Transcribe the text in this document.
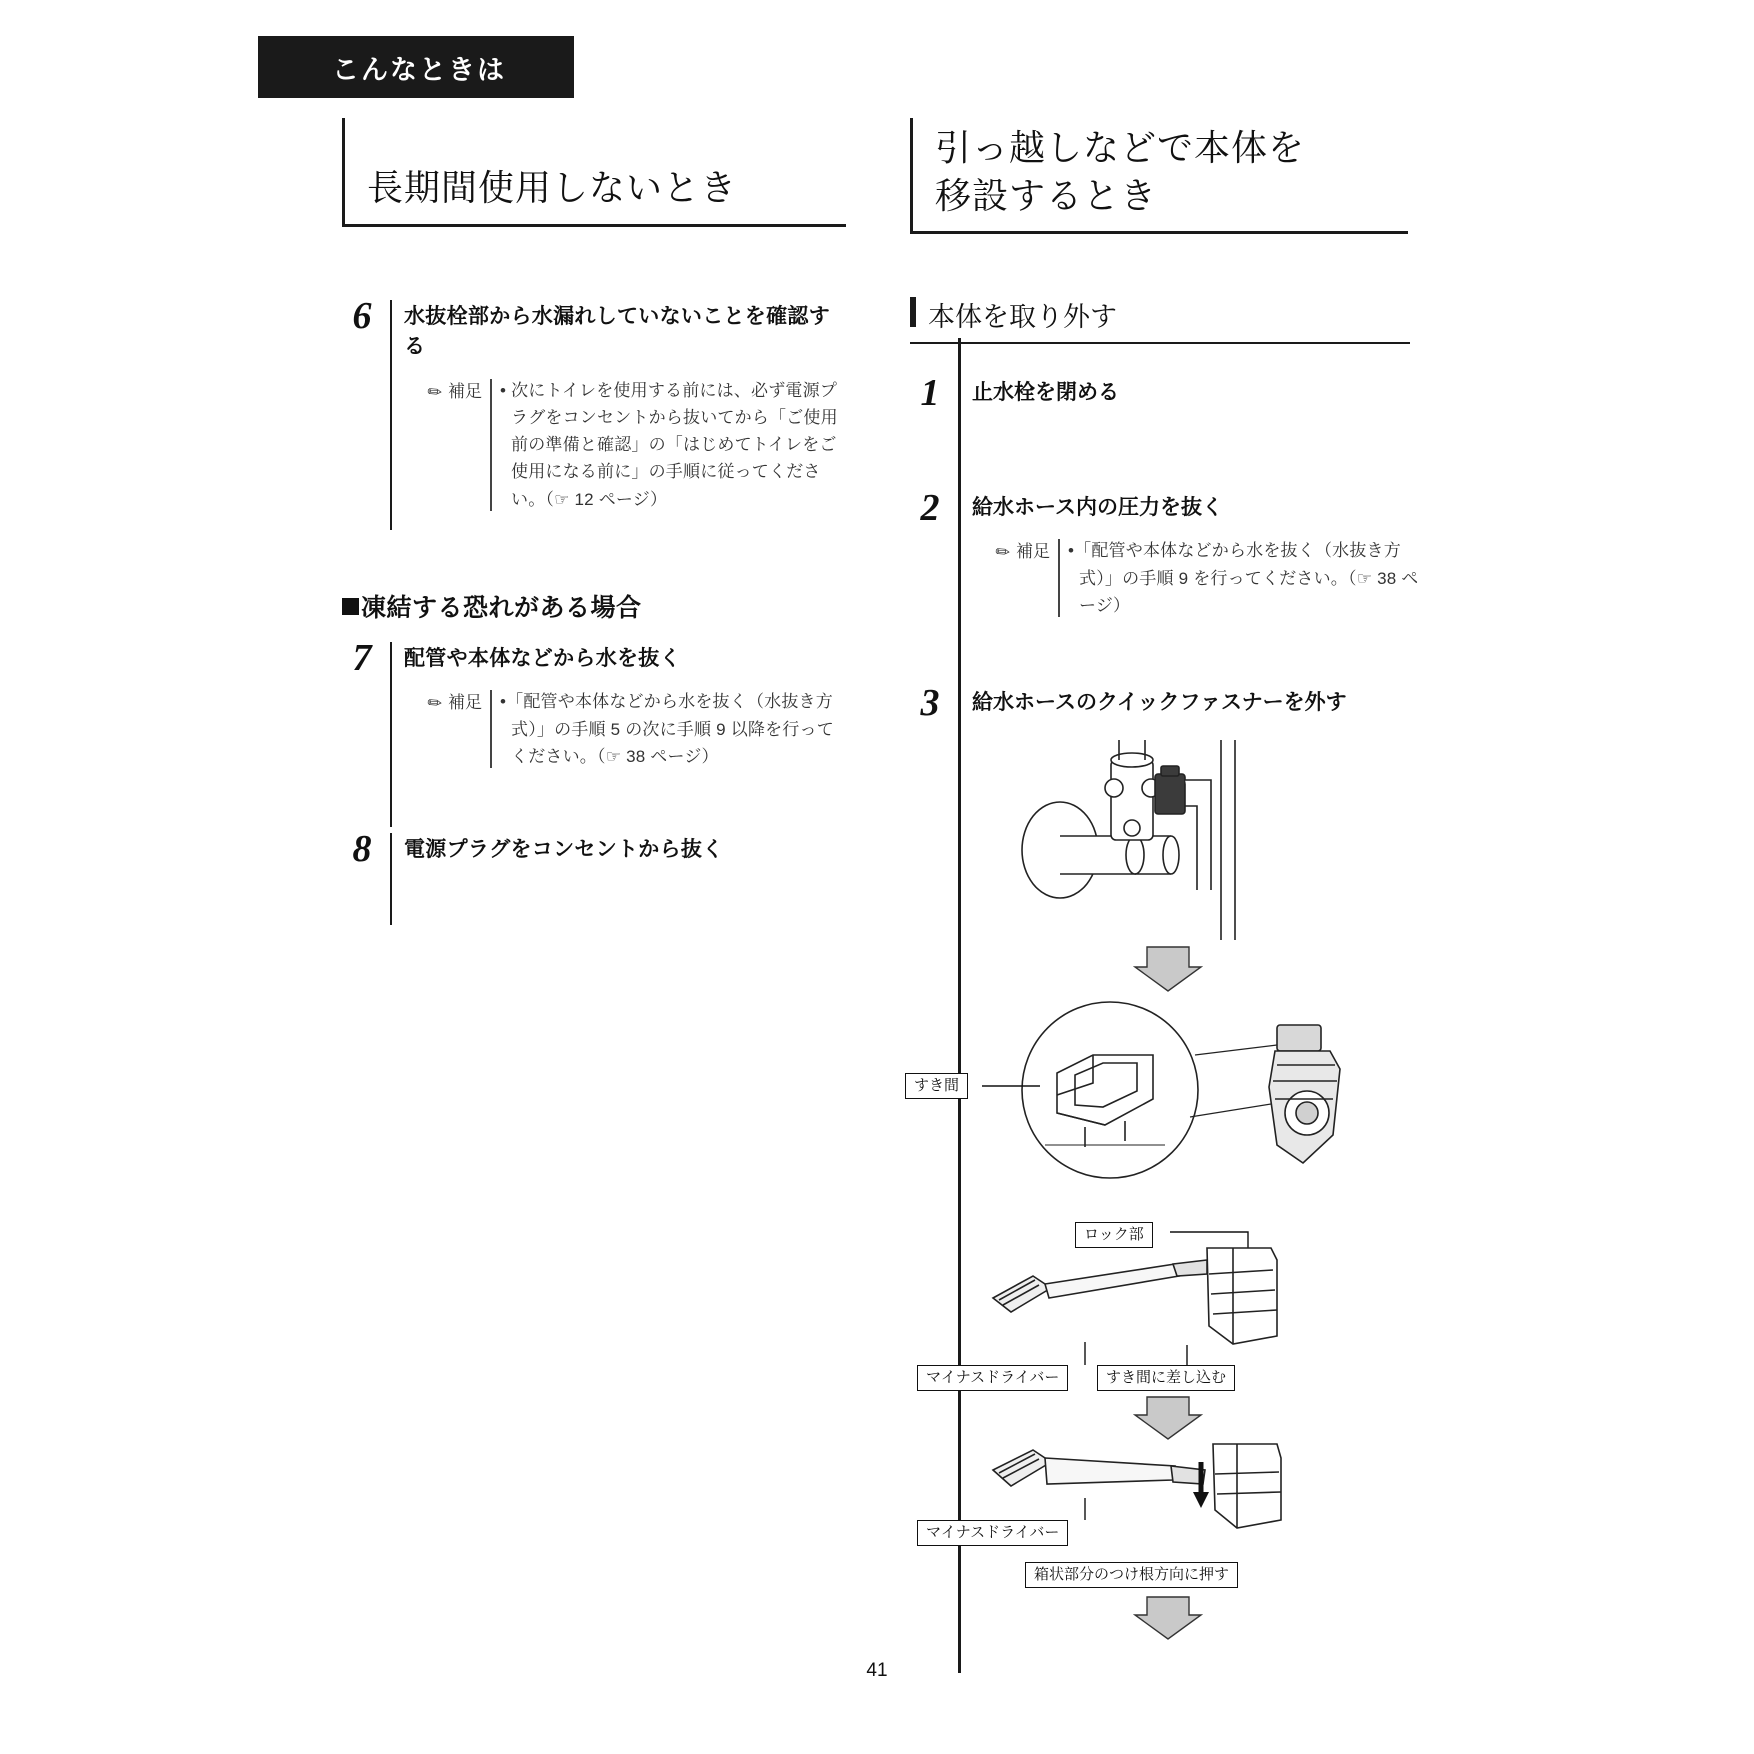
こんなときは
長期間使用しないとき
引っ越しなどで本体を
移設するとき
6	水抜栓部から水漏れしていないことを確認する
✎補足 • 次にトイレを使用する前には、必ず電源プラグをコンセントから抜いてから「ご使用前の準備と確認」の「はじめてトイレをご使用になる前に」の手順に従ってください。（☞ 12 ページ）
凍結する恐れがある場合
7	配管や本体などから水を抜く
✎補足 •「配管や本体などから水を抜く（水抜き方式）」の手順 5 の次に手順 9 以降を行ってください。（☞ 38 ページ）
8	電源プラグをコンセントから抜く
本体を取り外す
1	止水栓を閉める
2	給水ホース内の圧力を抜く
✎補足 •「配管や本体などから水を抜く（水抜き方式）」の手順 9 を行ってください。（☞ 38 ページ）
3	給水ホースのクイックファスナーを外す
すき間
ロック部
マイナスドライバー	すき間に差し込む
マイナスドライバー
箱状部分のつけ根方向に押す
41
